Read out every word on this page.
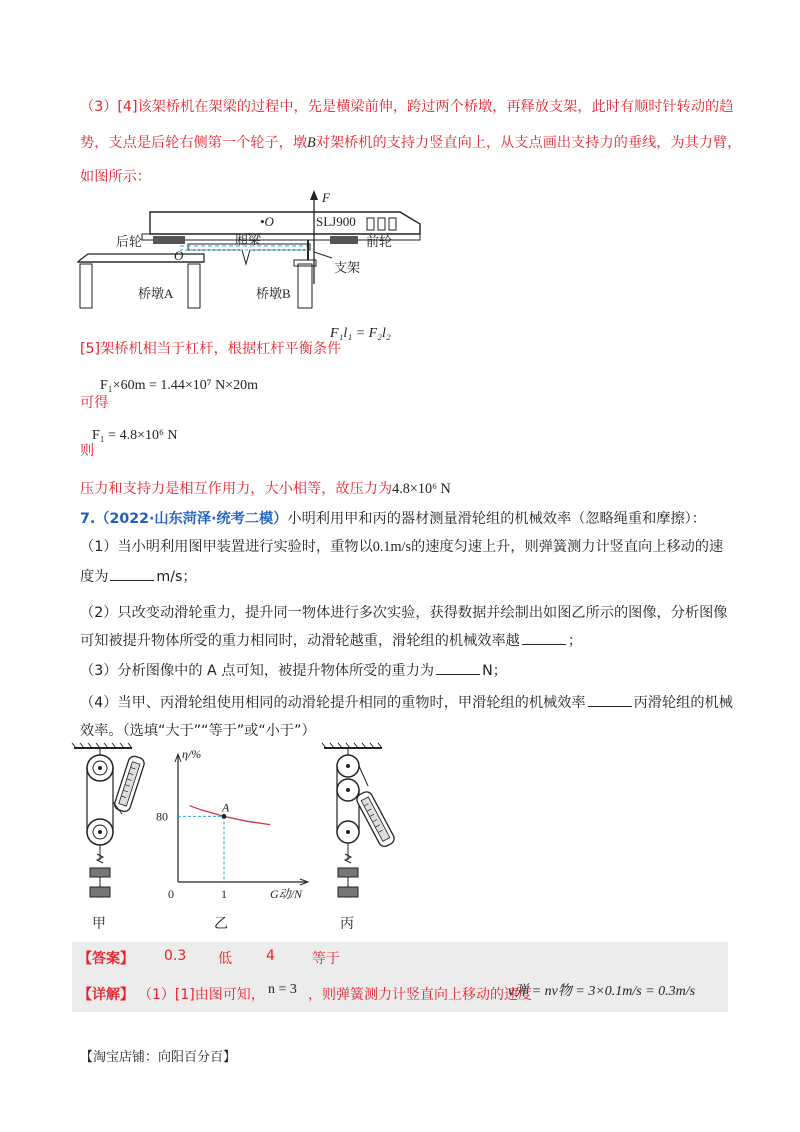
（3）[4]该架桥机在架梁的过程中，先是横梁前伸，跨过两个桥墩，再释放支架，此时有顺时针转动的趋
势，支点是后轮右侧第一个轮子，墩B对架桥机的支持力竖直向上，从支点画出支持力的垂线，为其力臂，
如图所示：
F
•O	SLJ900
后轮	前轮
厢梁
O
支架
桥墩A	桥墩B
[5]架桥机相当于杠杆，根据杠杆平衡条件
F₁l₁ = F₂l₂
可得
F₁×60m = 1.44×10⁷ N×20m
则
F₁ = 4.8×10⁶ N
压力和支持力是相互作用力，大小相等，故压力为4.8×10⁶ N
7.（2022·山东菏泽·统考二模）小明利用甲和丙的器材测量滑轮组的机械效率（忽略绳重和摩擦）：
（1）当小明利用图甲装置进行实验时，重物以0.1m/s的速度匀速上升，则弹簧测力计竖直向上移动的速
度为	m/s；
（2）只改变动滑轮重力，提升同一物体进行多次实验，获得数据并绘制出如图乙所示的图像，分析图像
可知被提升物体所受的重力相同时，动滑轮越重，滑轮组的机械效率越	；
（3）分析图像中的 A 点可知，被提升物体所受的重力为	N；
（4）当甲、丙滑轮组使用相同的动滑轮提升相同的重物时，甲滑轮组的机械效率	丙滑轮组的机械
效率。（选填“大于”“等于”或“小于”）
A
η/%
80
0	1	G动/N
甲	乙	丙
【答案】 0.3 低 4	等于
【详解】 （1）[1]由图可知， n = 3 ，则弹簧测力计竖直向上移动的速度
v弹 = nv物 = 3×0.1m/s = 0.3m/s
【淘宝店铺：向阳百分百】
